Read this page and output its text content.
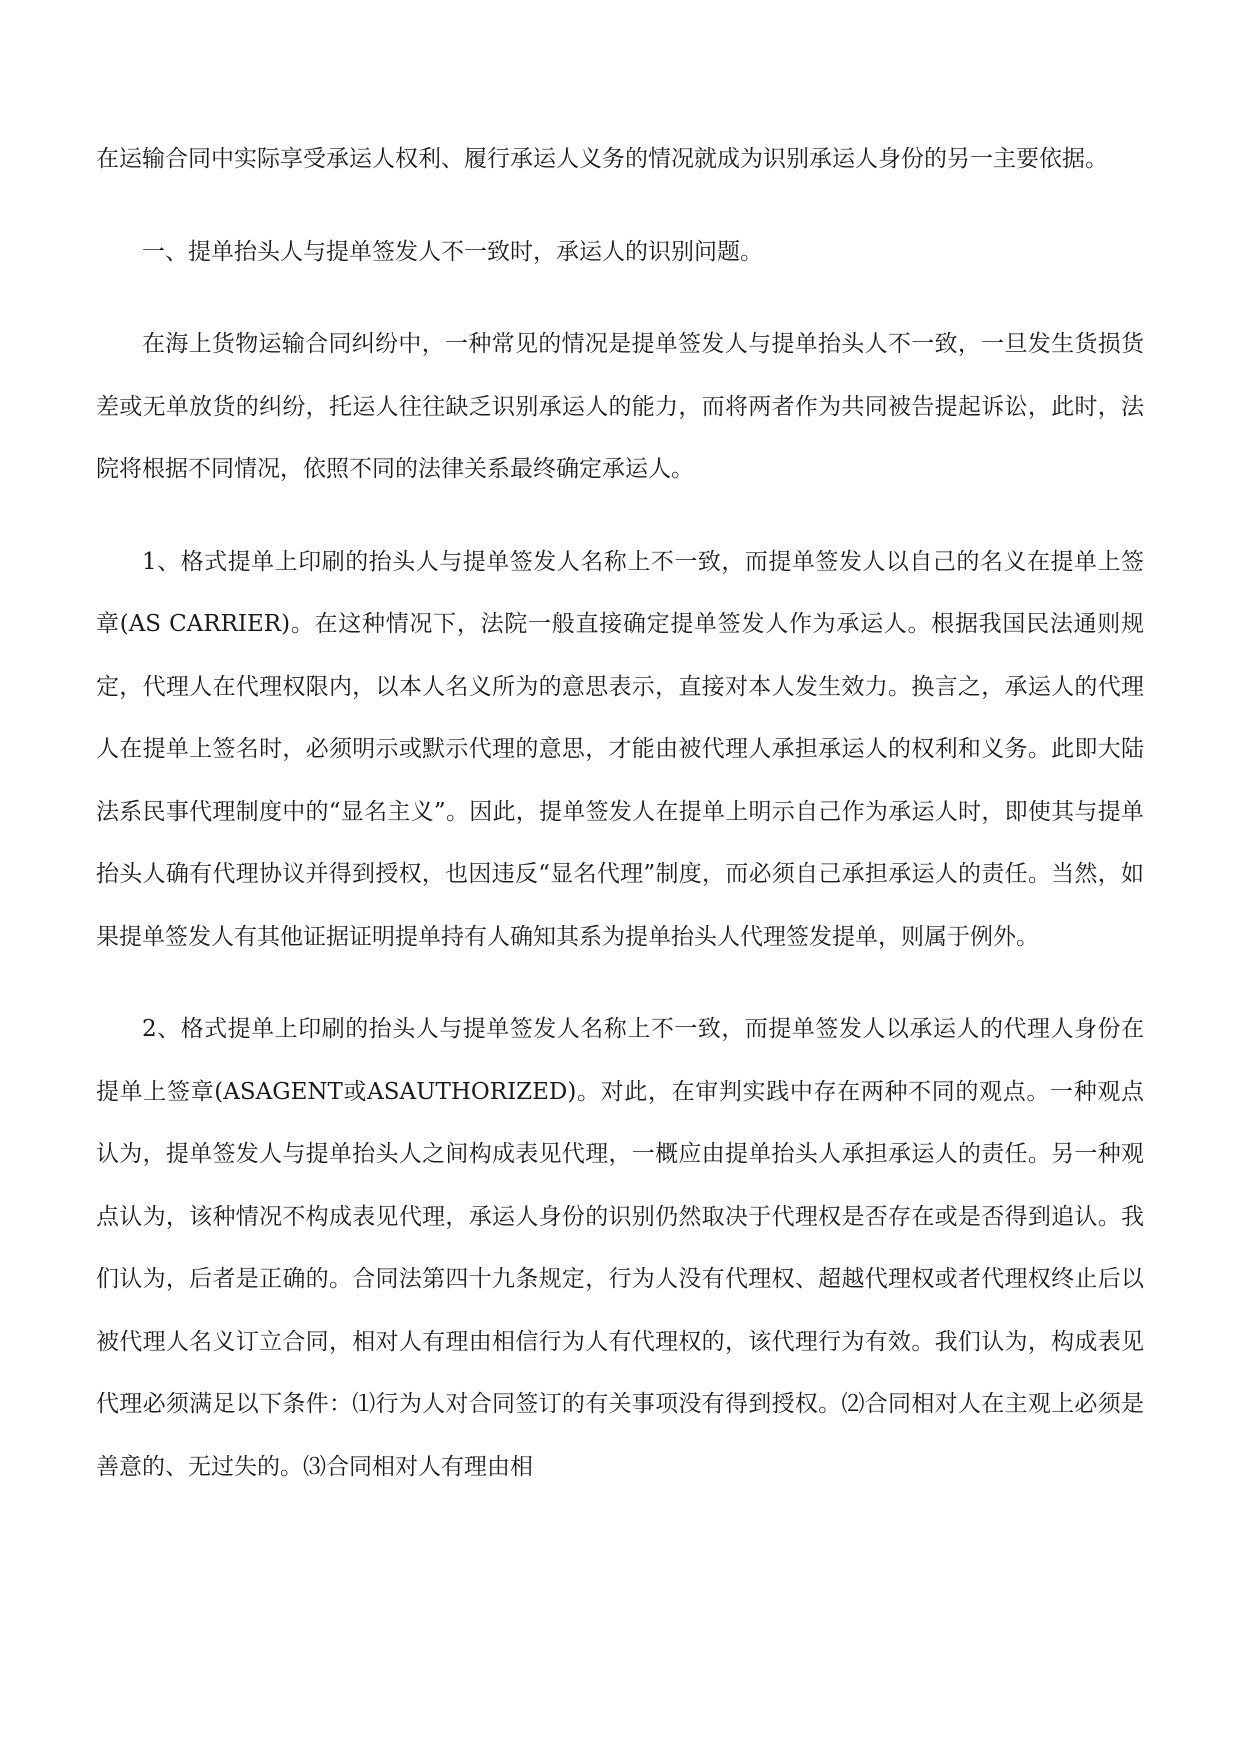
在运输合同中实际享受承运人权利、履行承运人义务的情况就成为识别承运人身份的另一主要依据。

一、提单抬头人与提单签发人不一致时，承运人的识别问题。

在海上货物运输合同纠纷中，一种常见的情况是提单签发人与提单抬头人不一致，一旦发生货损货差或无单放货的纠纷，托运人往往缺乏识别承运人的能力，而将两者作为共同被告提起诉讼，此时，法院将根据不同情况，依照不同的法律关系最终确定承运人。

1、格式提单上印刷的抬头人与提单签发人名称上不一致，而提单签发人以自己的名义在提单上签章(AS CARRIER)。在这种情况下，法院一般直接确定提单签发人作为承运人。根据我国民法通则规定，代理人在代理权限内，以本人名义所为的意思表示，直接对本人发生效力。换言之，承运人的代理人在提单上签名时，必须明示或默示代理的意思，才能由被代理人承担承运人的权利和义务。此即大陆法系民事代理制度中的“显名主义”。因此，提单签发人在提单上明示自己作为承运人时，即使其与提单抬头人确有代理协议并得到授权，也因违反“显名代理”制度，而必须自己承担承运人的责任。当然，如果提单签发人有其他证据证明提单持有人确知其系为提单抬头人代理签发提单，则属于例外。

2、格式提单上印刷的抬头人与提单签发人名称上不一致，而提单签发人以承运人的代理人身份在提单上签章(ASAGENT或ASAUTHORIZED)。对此，在审判实践中存在两种不同的观点。一种观点认为，提单签发人与提单抬头人之间构成表见代理，一概应由提单抬头人承担承运人的责任。另一种观点认为，该种情况不构成表见代理，承运人身份的识别仍然取决于代理权是否存在或是否得到追认。我们认为，后者是正确的。合同法第四十九条规定，行为人没有代理权、超越代理权或者代理权终止后以被代理人名义订立合同，相对人有理由相信行为人有代理权的，该代理行为有效。我们认为，构成表见代理必须满足以下条件：⑴行为人对合同签订的有关事项没有得到授权。⑵合同相对人在主观上必须是善意的、无过失的。⑶合同相对人有理由相
